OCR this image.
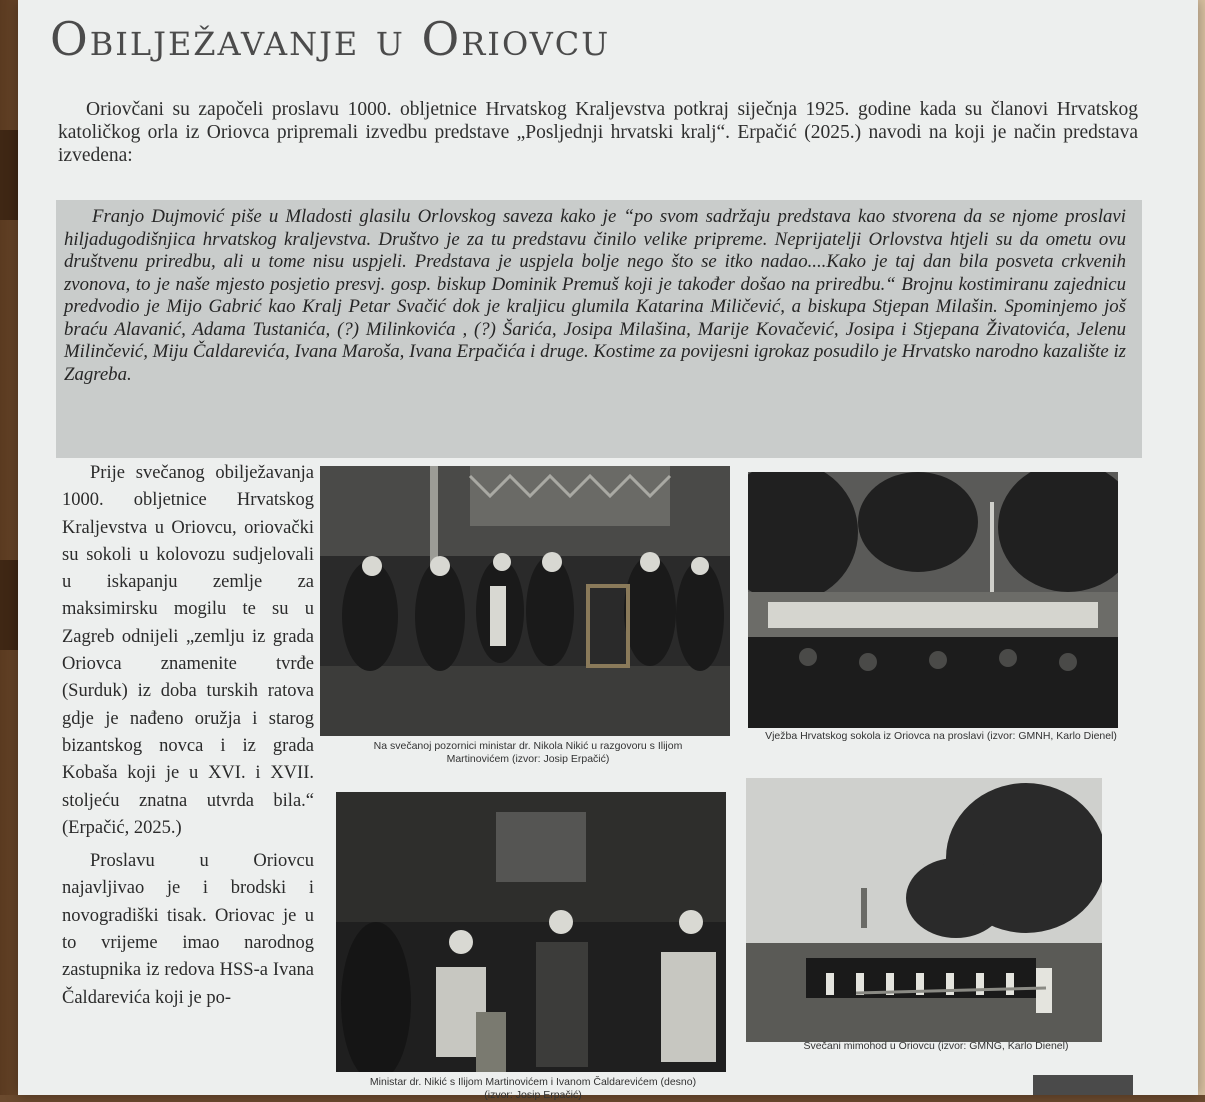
Obilježavanje u Oriovcu
Oriovčani su započeli proslavu 1000. obljetnice Hrvatskog Kraljevstva potkraj siječnja 1925. godine kada su članovi Hrvatskog katoličkog orla iz Oriovca pripremali izvedbu predstave „Posljednji hrvatski kralj“. Erpačić (2025.) navodi na koji je način predstava izvedena:
Franjo Dujmović piše u Mladosti glasilu Orlovskog saveza kako je “po svom sadržaju predstava kao stvorena da se njome proslavi hiljadugodišnjica hrvatskog kraljevstva. Društvo je za tu predstavu činilo velike pripreme. Neprijatelji Orlovstva htjeli su da ometu ovu društvenu priredbu, ali u tome nisu uspjeli. Predstava je uspjela bolje nego što se itko nadao....Kako je taj dan bila posveta crkvenih zvonova, to je naše mjesto posjetio presvj. gosp. biskup Dominik Premuš koji je također došao na priredbu.“ Brojnu kostimiranu zajednicu predvodio je Mijo Gabrić kao Kralj Petar Svačić dok je kraljicu glumila Katarina Miličević, a biskupa Stjepan Milašin. Spominjemo još braću Alavanić, Adama Tustanića, (?) Milinkovića , (?) Šarića, Josipa Milašina, Marije Kovačević, Josipa i Stjepana Živatovića, Jelenu Milinčević, Miju Čaldarevića, Ivana Maroša, Ivana Erpačića i druge. Kostime za povijesni igrokaz posudilo je Hrvatsko narodno kazalište iz Zagreba.

Prije svečanog obilježavanja 1000. obljetnice Hrvatskog Kraljevstva u Oriovcu, oriovački su sokoli u kolovozu sudjelovali u iskapanju zemlje za maksimirsku mogilu te su u Zagreb odnijeli „zemlju iz grada Oriovca znamenite tvrđe (Surduk) iz doba turskih ratova gdje je nađeno oružja i starog bizantskog novca i iz grada Kobaša koji je u XVI. i XVII. stoljeću znatna utvrda bila.“ (Erpačić, 2025.)

Proslavu u Oriovcu najavljivao je i brodski i novogradiški tisak. Oriovac je u to vrijeme imao narodnog zastupnika iz redova HSS-a Ivana Čaldarevića koji je po-

Na svečanoj pozornici ministar dr. Nikola Nikić u razgovoru s Ilijom Martinovićem (izvor: Josip Erpačić)
Vježba Hrvatskog sokola iz Oriovca na proslavi (izvor: GMNH, Karlo Dienel)
Ministar dr. Nikić s Ilijom Martinovićem i Ivanom Čaldarevićem (desno) (izvor: Josip Erpačić)
Svečani mimohod u Oriovcu (izvor: GMNG, Karlo Dienel)
